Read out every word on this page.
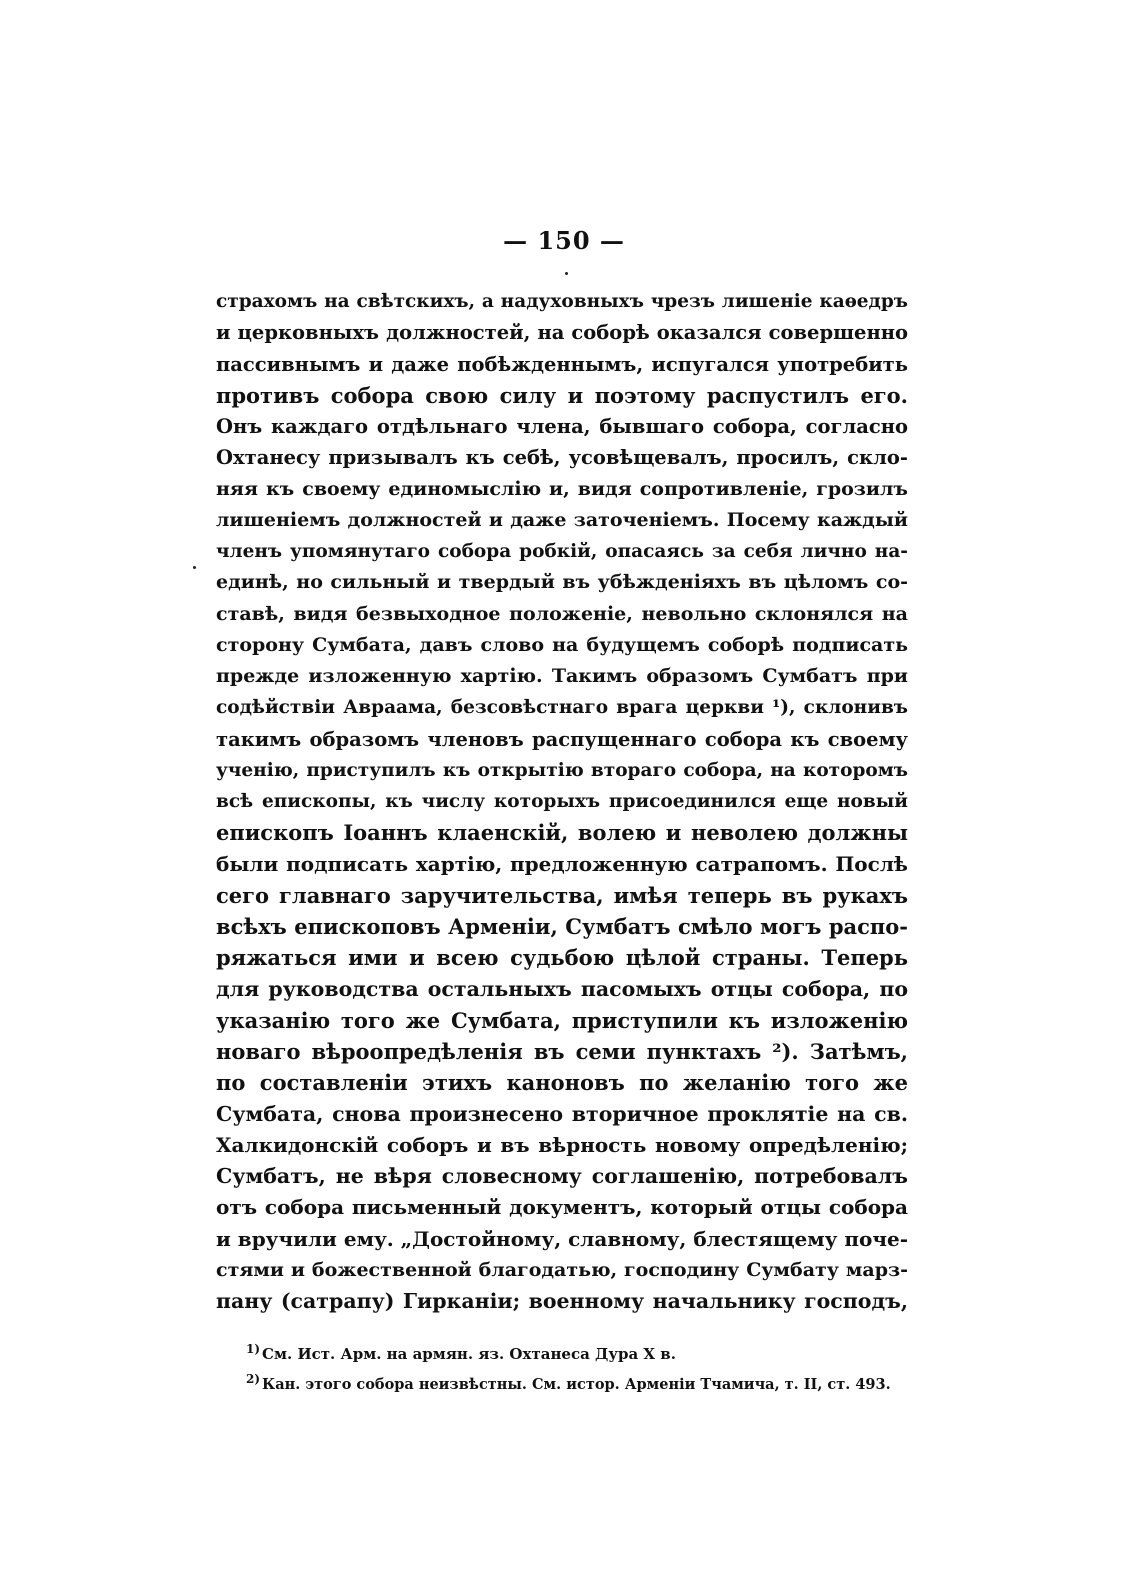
— 150 —
страхомъ на свѣтскихъ, а надуховныхъ чрезъ лишеніе каѳедръ
и церковныхъ должностей, на соборѣ оказался совершенно
пассивнымъ и даже побѣжденнымъ, испугался употребить
противъ собора свою силу и поэтому распустилъ его.
Онъ каждаго отдѣльнаго члена, бывшаго собора, согласно
Охтанесу призывалъ къ себѣ, усовѣщевалъ, просилъ, скло-
няя къ своему единомыслію и, видя сопротивленіе, грозилъ
лишеніемъ должностей и даже заточеніемъ. Посему каждый
членъ упомянутаго собора робкій, опасаясь за себя лично на-
единѣ, но сильный и твердый въ убѣжденіяхъ въ цѣломъ со-
ставѣ, видя безвыходное положеніе, невольно склонялся на
сторону Сумбата, давъ слово на будущемъ соборѣ подписать
прежде изложенную хартію. Такимъ образомъ Сумбатъ при
содѣйствіи Авраама, безсовѣстнаго врага церкви ¹), склонивъ
такимъ образомъ членовъ распущеннаго собора къ своему
ученію, приступилъ къ открытію втораго собора, на которомъ
всѣ епископы, къ числу которыхъ присоединился еще новый
епископъ Іоаннъ клаенскій, волею и неволею должны
были подписать хартію, предложенную сатрапомъ. Послѣ
сего главнаго заручительства, имѣя теперь въ рукахъ
всѣхъ епископовъ Арменіи, Сумбатъ смѣло могъ распо-
ряжаться ими и всею судьбою цѣлой страны. Теперь
для руководства остальныхъ пасомыхъ отцы собора, по
указанію того же Сумбата, приступили къ изложенію
новаго вѣроопредѣленія въ семи пунктахъ ²). Затѣмъ,
по составленіи этихъ каноновъ по желанію того же
Сумбата, снова произнесено вторичное проклятіе на св.
Халкидонскій соборъ и въ вѣрность новому опредѣленію;
Сумбатъ, не вѣря словесному соглашенію, потребовалъ
отъ собора письменный документъ, который отцы собора
и вручили ему. „Достойному, славному, блестящему поче-
стями и божественной благодатью, господину Сумбату марз-
пану (сатрапу) Гирканіи; военному начальнику господъ,
$^{1)}$ См. Ист. Арм. на армян. яз. Охтанеса Дура X в.
$^{2)}$ Кан. этого собора неизвѣстны. См. истор. Арменіи Тчамича, т. II, ст. 493.
